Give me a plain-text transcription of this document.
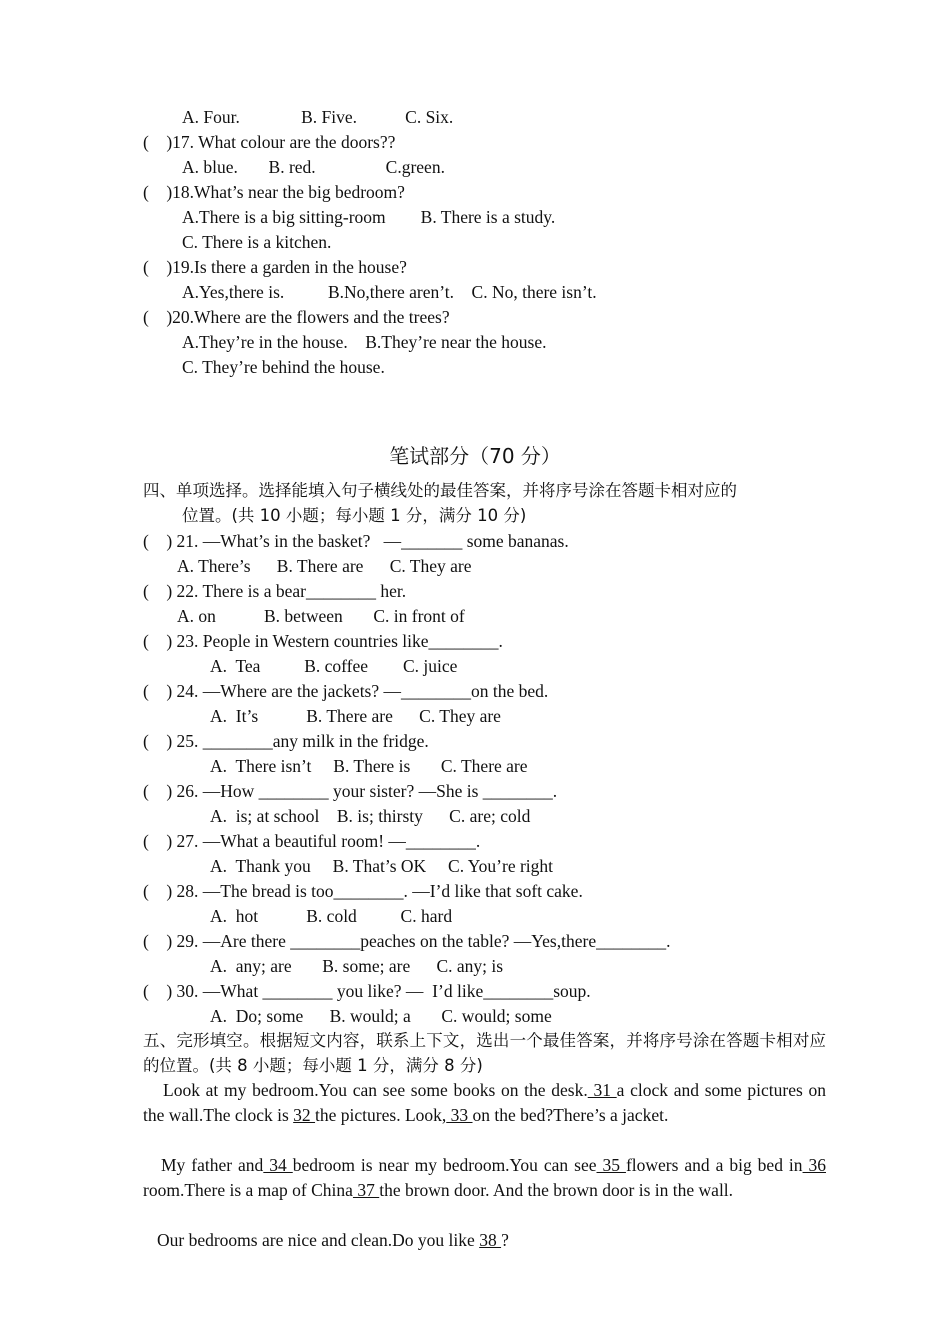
A. Four.              B. Five.           C. Six.
(    )17. What colour are the doors??
A. blue.       B. red.                C.green.
(    )18.What’s near the big bedroom?
A.There is a big sitting-room        B. There is a study.
C. There is a kitchen.
(    )19.Is there a garden in the house?
A.Yes,there is.          B.No,there aren’t.    C. No, there isn’t.
(    )20.Where are the flowers and the trees?
A.They’re in the house.    B.They’re near the house.
C. They’re behind the house.
笔试部分（70 分）
四、单项选择。选择能填入句子横线处的最佳答案，并将序号涂在答题卡相对应的
位置。(共 10 小题；每小题 1 分，满分 10 分)
(    ) 21. —What’s in the basket?   —_______ some bananas.
A. There’s      B. There are      C. They are
(    ) 22. There is a bear________ her.
A. on           B. between       C. in front of
(    ) 23. People in Western countries like________.
A.  Tea          B. coffee        C. juice
(    ) 24. —Where are the jackets? —________on the bed.
A.  It’s           B. There are      C. They are
(    ) 25. ________any milk in the fridge.
A.  There isn’t     B. There is       C. There are
(    ) 26. —How ________ your sister? —She is ________.
A.  is; at school    B. is; thirsty      C. are; cold
(    ) 27. —What a beautiful room! —________.
A.  Thank you     B. That’s OK     C. You’re right
(    ) 28. —The bread is too________. —I’d like that soft cake.
A.  hot           B. cold          C. hard
(    ) 29. —Are there ________peaches on the table? —Yes,there________.
A.  any; are       B. some; are      C. any; is
(    ) 30. —What ________ you like? —  I’d like________soup.
A.  Do; some      B. would; a       C. would; some
五、完形填空。根据短文内容，联系上下文，选出一个最佳答案，并将序号涂在答题卡相对应的位置。(共 8 小题；每小题 1 分，满分 8 分)
Look at my bedroom.You can see some books on the desk. 31 a clock and some pictures on the wall.The clock is 32 the pictures. Look, 33 on the bed?There’s a jacket.
My father and 34 bedroom is near my bedroom.You can see 35 flowers and a big bed in 36 room.There is a map of China 37 the brown door. And the brown door is in the wall.
Our bedrooms are nice and clean.Do you like 38 ?
